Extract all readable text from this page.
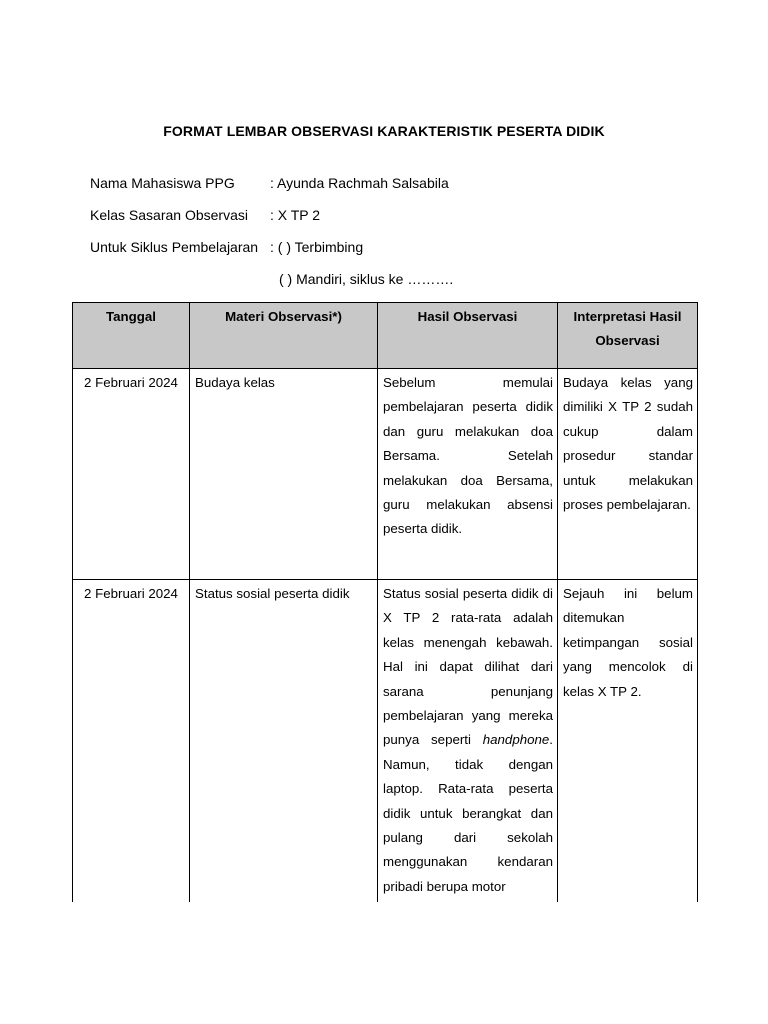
FORMAT LEMBAR OBSERVASI KARAKTERISTIK PESERTA DIDIK
Nama Mahasiswa PPG	: Ayunda Rachmah Salsabila
Kelas Sasaran Observasi : X TP 2
Untuk Siklus Pembelajaran : ( ) Terbimbing
( ) Mandiri, siklus ke ……….
Tanggal	Materi Observasi*)	Hasil Observasi	Interpretasi Hasil Observasi
2 Februari 2024	Budaya kelas	Sebelum memulai pembelajaran peserta didik dan guru melakukan doa Bersama. Setelah melakukan doa Bersama, guru melakukan absensi peserta didik.	Budaya kelas yang dimiliki X TP 2 sudah cukup dalam prosedur standar untuk melakukan proses pembelajaran.
2 Februari 2024	Status sosial peserta didik	Status sosial peserta didik di X TP 2 rata-rata adalah kelas menengah kebawah. Hal ini dapat dilihat dari sarana penunjang pembelajaran yang mereka punya seperti handphone. Namun, tidak dengan laptop. Rata-rata peserta didik untuk berangkat dan pulang dari sekolah menggunakan kendaran pribadi berupa motor	Sejauh ini belum ditemukan ketimpangan sosial yang mencolok di kelas X TP 2.
